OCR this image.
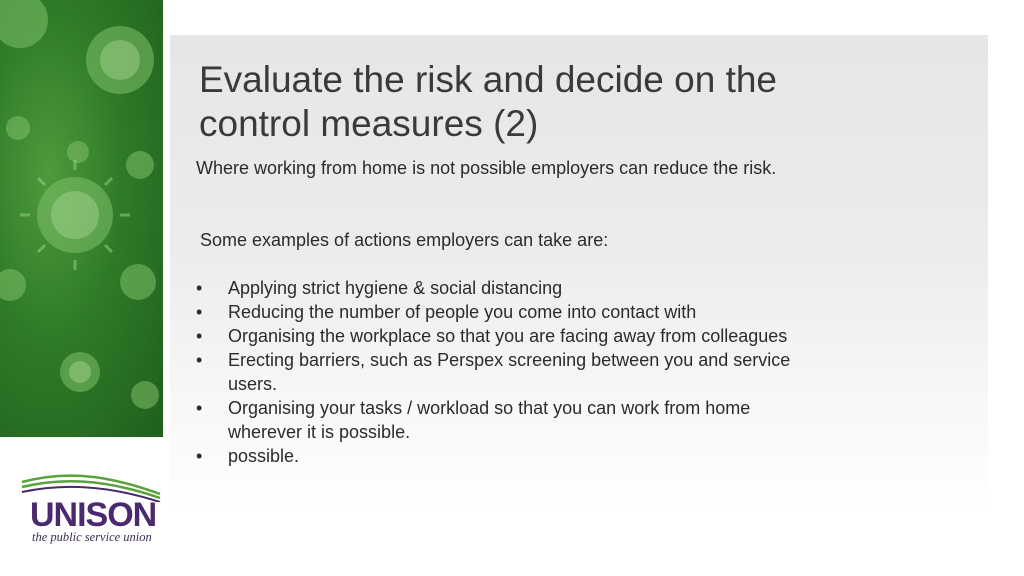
Evaluate the risk and decide on the control measures (2)

Where working from home is not possible employers can reduce the risk.

Some examples of actions employers can take are:

• Applying strict hygiene & social distancing
• Reducing the number of people you come into contact with
• Organising the workplace so that you are facing away from colleagues
• Erecting barriers, such as Perspex screening between you and service users.
• Organising your tasks / workload so that you can work from home wherever it is possible.
• possible.
UNISON
the public service union
